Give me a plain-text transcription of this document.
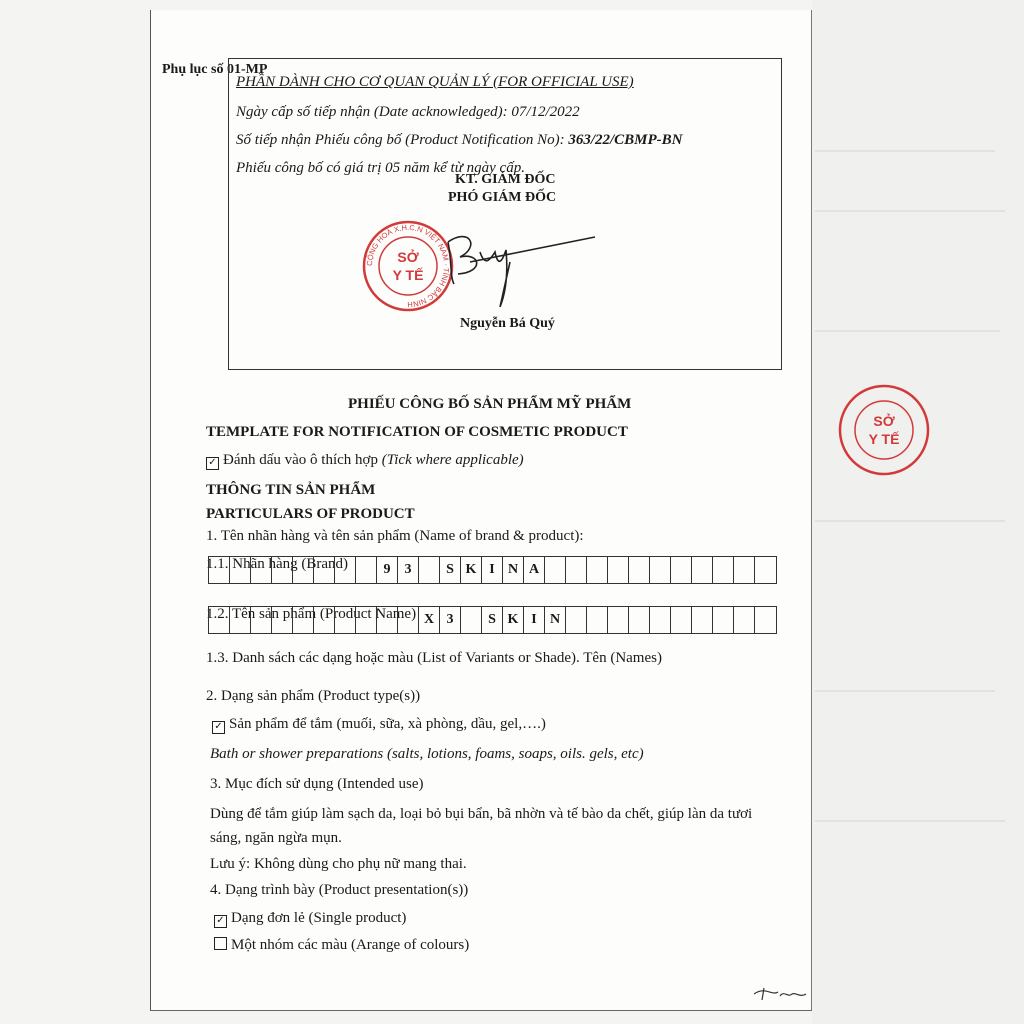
Phụ lục số 01-MP
PHẦN DÀNH CHO CƠ QUAN QUẢN LÝ (FOR OFFICIAL USE)
Ngày cấp số tiếp nhận (Date acknowledged): 07/12/2022
Số tiếp nhận Phiếu công bố (Product Notification No): 363/22/CBMP-BN
Phiếu công bố có giá trị 05 năm kể từ ngày cấp.
KT. GIÁM ĐỐC
PHÓ GIÁM ĐỐC
CỘNG HOÀ X.H.C.N VIỆT NAM · TỈNH BẮC NINH
SỞ
Y TẾ
Nguyễn Bá Quý
SỞ
Y TẾ
PHIẾU CÔNG BỐ SẢN PHẨM MỸ PHẨM
TEMPLATE FOR NOTIFICATION OF COSMETIC PRODUCT
✓ Đánh dấu vào ô thích hợp (Tick where applicable)
THÔNG TIN SẢN PHẨM
PARTICULARS OF PRODUCT
1. Tên nhãn hàng và tên sản phẩm (Name of brand & product):
1.1. Nhãn hàng (Brand)	9	3	S K I N A
1.2. Tên sản phẩm (Product Name) X 3	S K I N
1.3. Danh sách các dạng hoặc màu (List of Variants or Shade). Tên (Names)
2. Dạng sản phẩm (Product type(s))
✓ Sản phẩm để tắm (muối, sữa, xà phòng, dầu, gel,….)
Bath or shower preparations (salts, lotions, foams, soaps, oils. gels, etc)
3. Mục đích sử dụng (Intended use)
Dùng để tắm giúp làm sạch da, loại bỏ bụi bẩn, bã nhờn và tế bào da chết, giúp làn da tươi
sáng, ngăn ngừa mụn.
Lưu ý: Không dùng cho phụ nữ mang thai.
4. Dạng trình bày (Product presentation(s))
✓ Dạng đơn lẻ (Single product)
Một nhóm các màu (Arange of colours)
